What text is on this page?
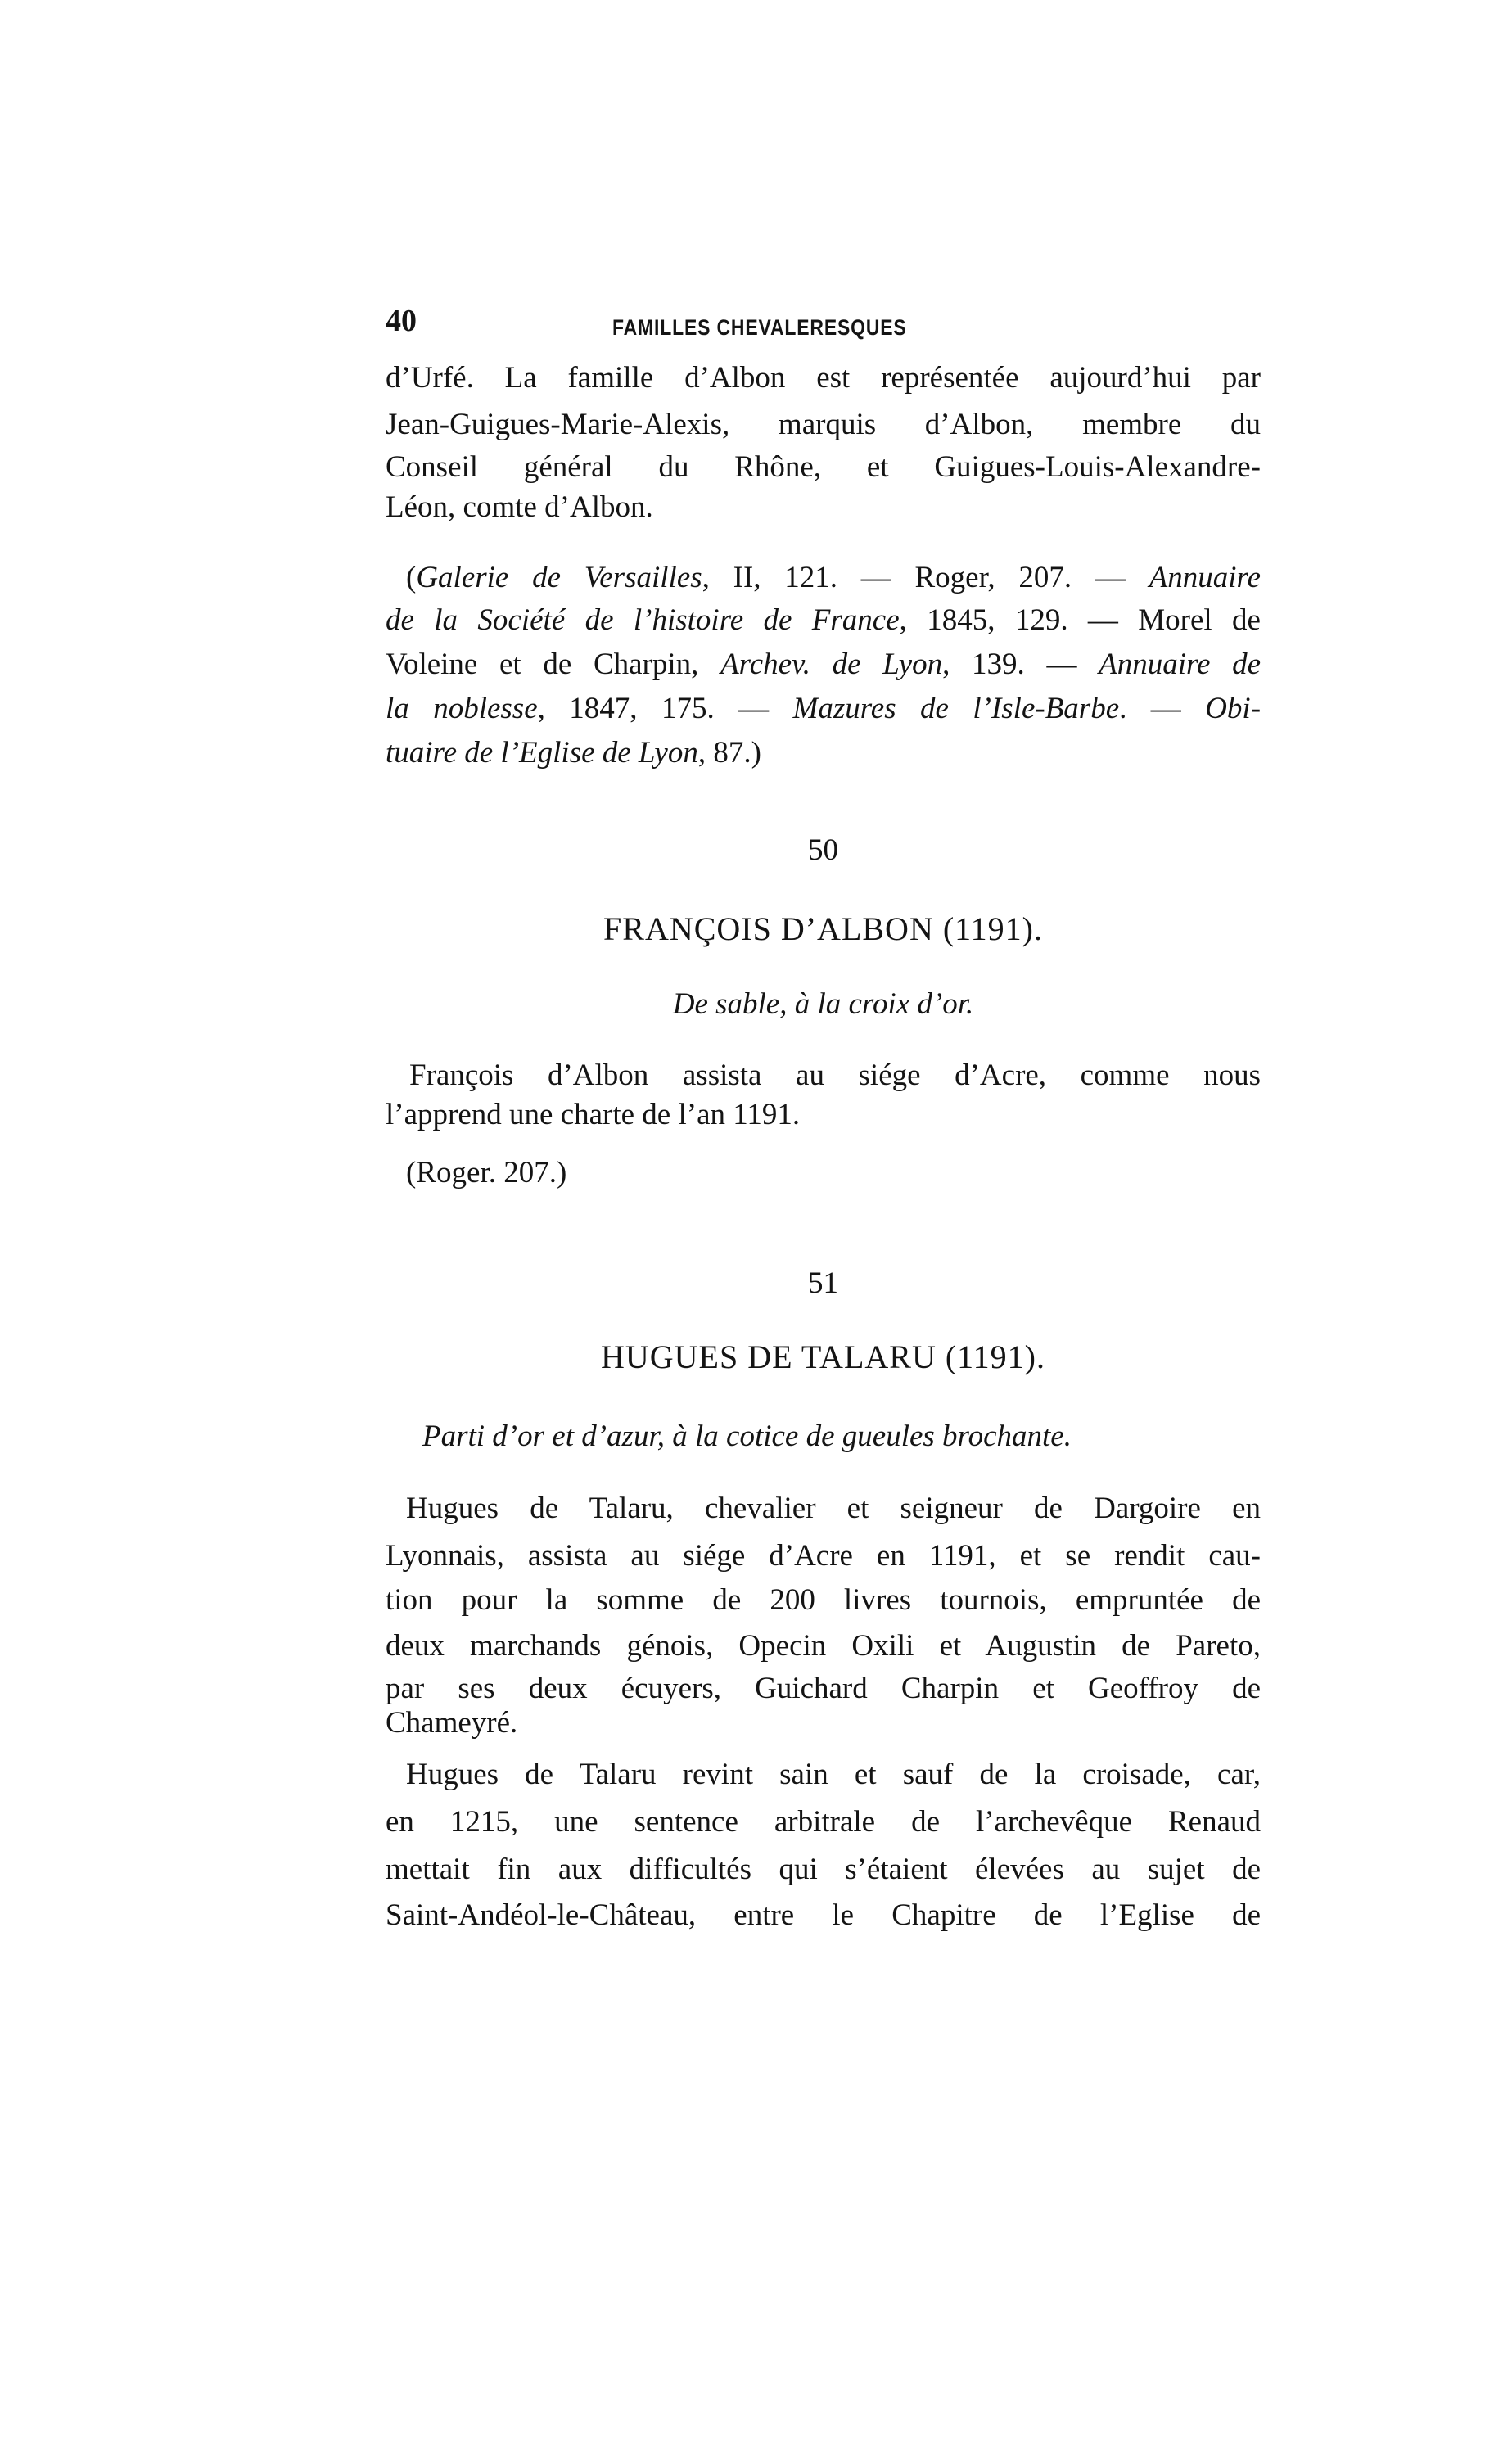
40	FAMILLES CHEVALERESQUES
d’Urfé. La famille d’Albon est représentée aujourd’hui par
Jean-Guigues-Marie-Alexis, marquis d’Albon, membre du
Conseil général du Rhône, et Guigues-Louis-Alexandre-
Léon, comte d’Albon.
(Galerie de Versailles, II, 121. — Roger, 207. — Annuaire
de la Société de l’histoire de France, 1845, 129. — Morel de
Voleine et de Charpin, Archev. de Lyon, 139. — Annuaire de
la noblesse, 1847, 175. — Mazures de l’Isle-Barbe. — Obi-
tuaire de l’Eglise de Lyon, 87.)
50
FRANÇOIS D’ALBON (1191).
De sable, à la croix d’or.
François d’Albon assista au siége d’Acre, comme nous
l’apprend une charte de l’an 1191.
(Roger. 207.)
51
HUGUES DE TALARU (1191).
Parti d’or et d’azur, à la cotice de gueules brochante.
Hugues de Talaru, chevalier et seigneur de Dargoire en
Lyonnais, assista au siége d’Acre en 1191, et se rendit cau-
tion pour la somme de 200 livres tournois, empruntée de
deux marchands génois, Opecin Oxili et Augustin de Pareto,
par ses deux écuyers, Guichard Charpin et Geoffroy de
Chameyré.
Hugues de Talaru revint sain et sauf de la croisade, car,
en 1215, une sentence arbitrale de l’archevêque Renaud
mettait fin aux difficultés qui s’étaient élevées au sujet de
Saint-Andéol-le-Château, entre le Chapitre de l’Eglise de
